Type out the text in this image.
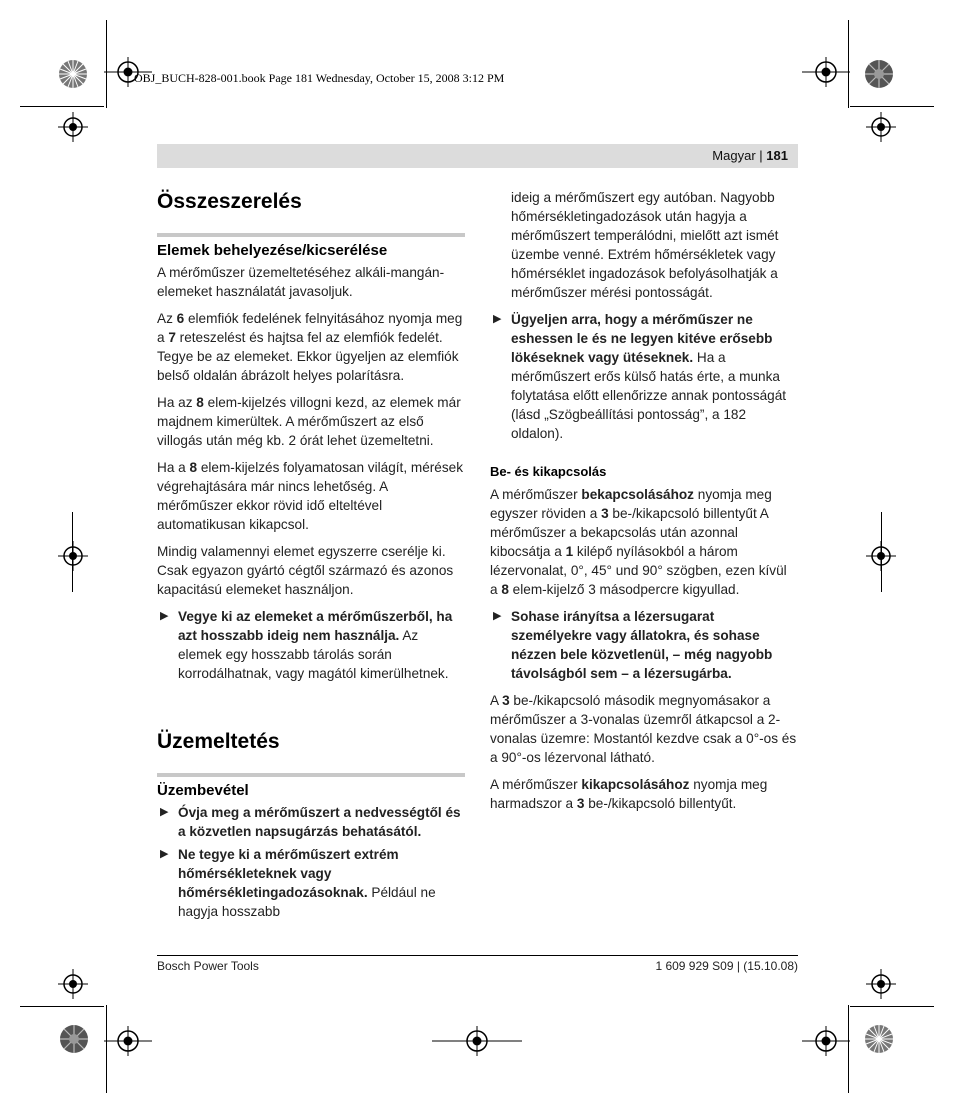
OBJ_BUCH-828-001.book Page 181 Wednesday, October 15, 2008 3:12 PM
Magyar | 181
Összeszerelés
Elemek behelyezése/kicserélése

A mérőműszer üzemeltetéséhez alkáli-mangán-elemeket használatát javasoljuk.

Az 6 elemfiók fedelének felnyitásához nyomja meg a 7 reteszelést és hajtsa fel az elemfiók fedelét. Tegye be az elemeket. Ekkor ügyeljen az elemfiók belső oldalán ábrázolt helyes polarításra.

Ha az 8 elem-kijelzés villogni kezd, az elemek már majdnem kimerültek. A mérőműszert az első villogás után még kb. 2 órát lehet üzemeltetni.

Ha a 8 elem-kijelzés folyamatosan világít, mérések végrehajtására már nincs lehetőség. A mérőműszer ekkor rövid idő elteltével automatikusan kikapcsol.

Mindig valamennyi elemet egyszerre cserélje ki. Csak egyazon gyártó cégtől származó és azonos kapacitású elemeket használjon.

▶ Vegye ki az elemeket a mérőműszerből, ha azt hosszabb ideig nem használja. Az elemek egy hosszabb tárolás során korrodálhatnak, vagy magától kimerülhetnek.

Üzemeltetés
Üzembevétel

▶ Óvja meg a mérőműszert a nedvességtől és a közvetlen napsugárzás behatásától.

▶ Ne tegye ki a mérőműszert extrém hőmérsékleteknek vagy hőmérsékletingadozásoknak. Például ne hagyja hosszabb

ideig a mérőműszert egy autóban. Nagyobb hőmérsékletingadozások után hagyja a mérőműszert temperálódni, mielőtt azt ismét üzembe venné. Extrém hőmérsékletek vagy hőmérséklet ingadozások befolyásolhatják a mérőműszer mérési pontosságát.

▶ Ügyeljen arra, hogy a mérőműszer ne eshessen le és ne legyen kitéve erősebb lökéseknek vagy ütéseknek. Ha a mérőműszert erős külső hatás érte, a munka folytatása előtt ellenőrizze annak pontosságát (lásd „Szögbeállítási pontosság”, a 182 oldalon).

Be- és kikapcsolás

A mérőműszer bekapcsolásához nyomja meg egyszer röviden a 3 be-/kikapcsoló billentyűt A mérőműszer a bekapcsolás után azonnal kibocsátja a 1 kilépő nyílásokból a három lézervonalat, 0°, 45° und 90° szögben, ezen kívül a 8 elem-kijelző 3 másodpercre kigyullad.

▶ Sohase irányítsa a lézersugarat személyekre vagy állatokra, és sohase nézzen bele közvetlenül, – még nagyobb távolságból sem – a lézersugárba.

A 3 be-/kikapcsoló második megnyomásakor a mérőműszer a 3-vonalas üzemről átkapcsol a 2-vonalas üzemre: Mostantól kezdve csak a 0°-os és a 90°-os lézervonal látható.

A mérőműszer kikapcsolásához nyomja meg harmadszor a 3 be-/kikapcsoló billentyűt.

Bosch Power Tools	1 609 929 S09 | (15.10.08)
